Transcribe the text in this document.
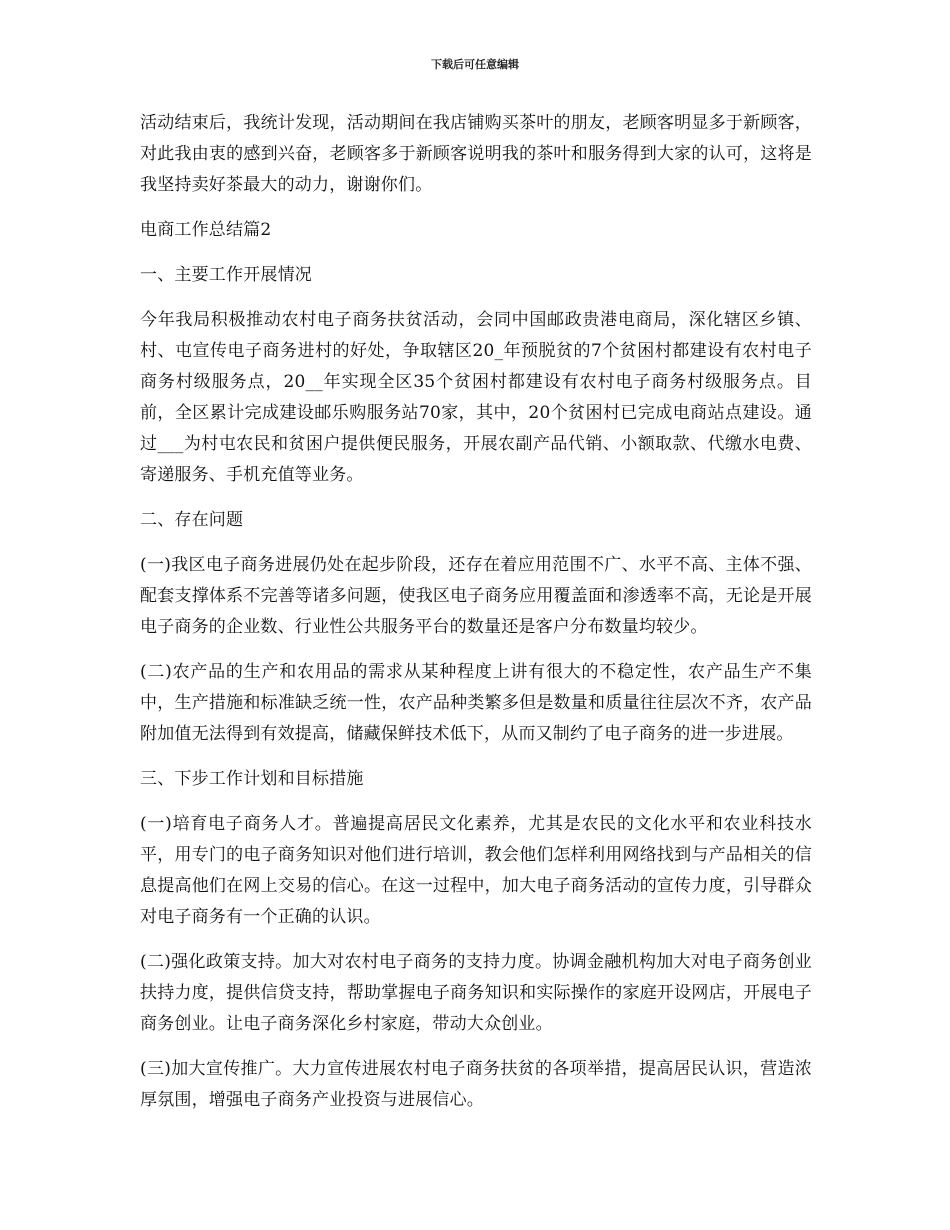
下载后可任意编辑

活动结束后，我统计发现，活动期间在我店铺购买茶叶的朋友，老顾客明显多于新顾客，对此我由衷的感到兴奋，老顾客多于新顾客说明我的茶叶和服务得到大家的认可，这将是我坚持卖好茶最大的动力，谢谢你们。

电商工作总结篇2

一、主要工作开展情况

今年我局积极推动农村电子商务扶贫活动，会同中国邮政贵港电商局，深化辖区乡镇、村、屯宣传电子商务进村的好处，争取辖区20_年预脱贫的7个贫困村都建设有农村电子商务村级服务点，20__年实现全区35个贫困村都建设有农村电子商务村级服务点。目前，全区累计完成建设邮乐购服务站70家，其中，20个贫困村已完成电商站点建设。通过___为村屯农民和贫困户提供便民服务，开展农副产品代销、小额取款、代缴水电费、寄递服务、手机充值等业务。

二、存在问题

(一)我区电子商务进展仍处在起步阶段，还存在着应用范围不广、水平不高、主体不强、配套支撑体系不完善等诸多问题，使我区电子商务应用覆盖面和渗透率不高，无论是开展电子商务的企业数、行业性公共服务平台的数量还是客户分布数量均较少。

(二)农产品的生产和农用品的需求从某种程度上讲有很大的不稳定性，农产品生产不集中，生产措施和标准缺乏统一性，农产品种类繁多但是数量和质量往往层次不齐，农产品附加值无法得到有效提高，储藏保鲜技术低下，从而又制约了电子商务的进一步进展。

三、下步工作计划和目标措施

(一)培育电子商务人才。普遍提高居民文化素养，尤其是农民的文化水平和农业科技水平，用专门的电子商务知识对他们进行培训，教会他们怎样利用网络找到与产品相关的信息提高他们在网上交易的信心。在这一过程中，加大电子商务活动的宣传力度，引导群众对电子商务有一个正确的认识。

(二)强化政策支持。加大对农村电子商务的支持力度。协调金融机构加大对电子商务创业扶持力度，提供信贷支持，帮助掌握电子商务知识和实际操作的家庭开设网店，开展电子商务创业。让电子商务深化乡村家庭，带动大众创业。

(三)加大宣传推广。大力宣传进展农村电子商务扶贫的各项举措，提高居民认识，营造浓厚氛围，增强电子商务产业投资与进展信心。
